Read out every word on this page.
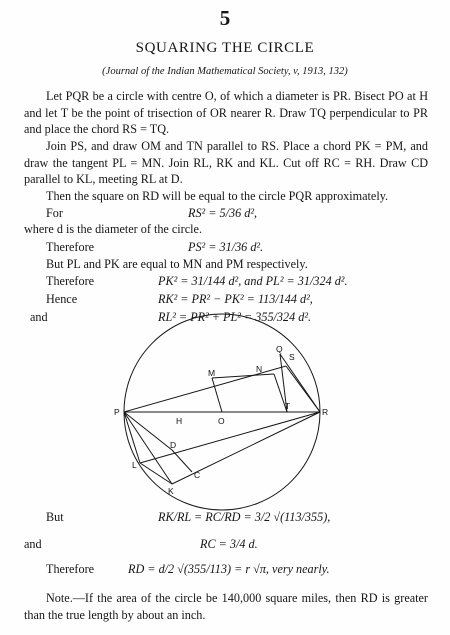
5
SQUARING THE CIRCLE
(Journal of the Indian Mathematical Society, v, 1913, 132)
Let PQR be a circle with centre O, of which a diameter is PR. Bisect PO at H and let T be the point of trisection of OR nearer R. Draw TQ perpendicular to PR and place the chord RS = TQ.
Join PS, and draw OM and TN parallel to RS. Place a chord PK = PM, and draw the tangent PL = MN. Join RL, RK and KL. Cut off RC = RH. Draw CD parallel to KL, meeting RL at D.
Then the square on RD will be equal to the circle PQR approximately.
For	RS² = 5/36 d²,
where d is the diameter of the circle.
Therefore	PS² = 31/36 d².
But PL and PK are equal to MN and PM respectively.
Therefore	PK² = 31/144 d², and PL² = 31/324 d².
Hence	RK² = PR² − PK² = 113/144 d²,
and	RL² = PR² + PL² = 355/324 d².
P
H	O
T
R
Q
S
M	N
L
K
C
D
But	RK/RL = RC/RD = 3/2 √(113/355),
and	RC = 3/4 d.
Therefore	RD = d/2 √(355/113) = r √π, very nearly.
Note.—If the area of the circle be 140,000 square miles, then RD is greater than the true length by about an inch.
